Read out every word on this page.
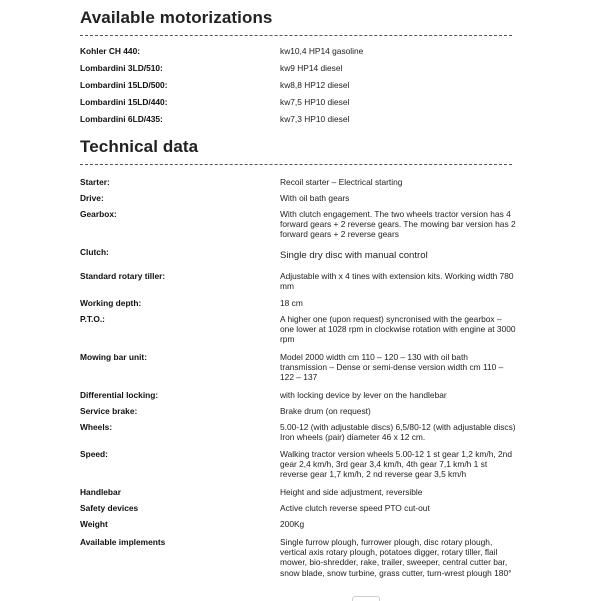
Available motorizations
Kohler CH 440:	kw10,4 HP14 gasoline
Lombardini 3LD/510:	kw9 HP14 diesel
Lombardini 15LD/500:	kw8,8 HP12 diesel
Lombardini 15LD/440:	kw7,5 HP10 diesel
Lombardini 6LD/435:	kw7,3 HP10 diesel
Technical data
Starter:	Recoil starter – Electrical starting
Drive:	With oil bath gears
Gearbox:	With clutch engagement. The two wheels tractor version has 4 forward gears + 2 reverse gears. The mowing bar version has 2 forward gears + 2 reverse gears
Clutch:	Single dry disc with manual control
Standard rotary tiller:	Adjustable with x 4 tines with extension kits. Working width 780 mm
Working depth:	18 cm
P.T.O.:	A higher one (upon request) syncronised with the gearbox – one lower at 1028 rpm in clockwise rotation with engine at 3000 rpm
Mowing bar unit:	Model 2000 width cm 110 – 120 – 130 with oil bath transmission – Dense or semi-dense version width cm 110 – 122 – 137
Differential locking:	with locking device by lever on the handlebar
Service brake:	Brake drum (on request)
Wheels:	5.00-12 (with adjustable discs) 6,5/80-12 (with adjustable discs) Iron wheels (pair) diameter 46 x 12 cm.
Speed:	Walking tractor version wheels 5.00-12 1 st gear 1,2 km/h, 2nd gear 2,4 km/h, 3rd gear 3,4 km/h, 4th gear 7,1 km/h 1 st reverse gear 1,7 km/h, 2 nd reverse gear 3,5 km/h
Handlebar	Height and side adjustment, reversible
Safety devices	Active clutch reverse speed PTO cut-out
Weight	200Kg
Available implements	Single furrow plough, furrower plough, disc rotary plough, vertical axis rotary plough, potatoes digger, rotary tiller, flail mower, bio-shredder, rake, trailer, sweeper, central cutter bar, snow blade, snow turbine, grass cutter, turn-wrest plough 180°
